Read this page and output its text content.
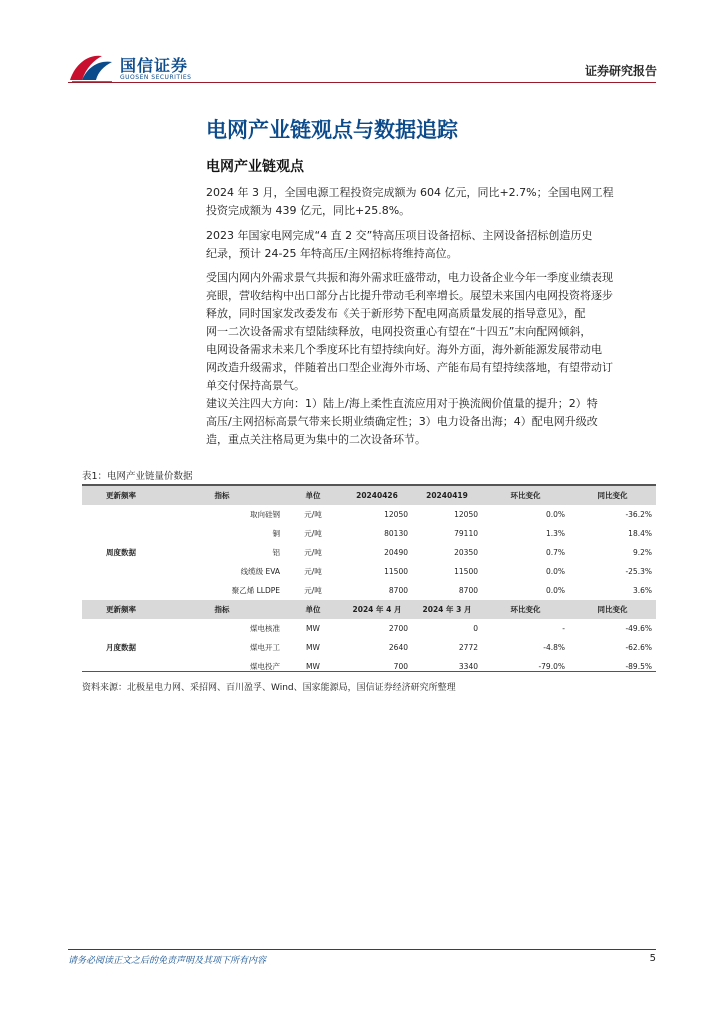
国信证券
GUOSEN SECURITIES	证券研究报告
电网产业链观点与数据追踪
电网产业链观点
2024 年 3 月，全国电源工程投资完成额为 604 亿元，同比+2.7%；全国电网工程
投资完成额为 439 亿元，同比+25.8%。
2023 年国家电网完成“4 直 2 交”特高压项目设备招标、主网设备招标创造历史
纪录，预计 24-25 年特高压/主网招标将维持高位。
受国内网内外需求景气共振和海外需求旺盛带动，电力设备企业今年一季度业绩表现
亮眼，营收结构中出口部分占比提升带动毛利率增长。展望未来国内电网投资将逐步
释放，同时国家发改委发布《关于新形势下配电网高质量发展的指导意见》，配
网一二次设备需求有望陆续释放，电网投资重心有望在“十四五”末向配网倾斜，
电网设备需求未来几个季度环比有望持续向好。海外方面，海外新能源发展带动电
网改造升级需求，伴随着出口型企业海外市场、产能布局有望持续落地，有望带动订
单交付保持高景气。
建议关注四大方向：1）陆上/海上柔性直流应用对于换流阀价值量的提升；2）特
高压/主网招标高景气带来长期业绩确定性；3）电力设备出海；4）配电网升级改
造，重点关注格局更为集中的二次设备环节。
表1：电网产业链量价数据
更新频率	指标	单位	20240426	20240419	环比变化	同比变化
周度数据	取向硅钢	元/吨	12050	12050	0.0%	-36.2%
	铜	元/吨	80130	79110	1.3%	18.4%
	铝	元/吨	20490	20350	0.7%	9.2%
	线缆级 EVA	元/吨	11500	11500	0.0%	-25.3%
	聚乙烯 LLDPE	元/吨	8700	8700	0.0%	3.6%
更新频率	指标	单位	2024 年 4 月	2024 年 3 月	环比变化	同比变化
月度数据	煤电核准	MW	2700	0	-	-49.6%
	煤电开工	MW	2640	2772	-4.8%	-62.6%
	煤电投产	MW	700	3340	-79.0%	-89.5%
资料来源：北极星电力网、采招网、百川盈孚、Wind、国家能源局，国信证券经济研究所整理
请务必阅读正文之后的免责声明及其项下所有内容	5
